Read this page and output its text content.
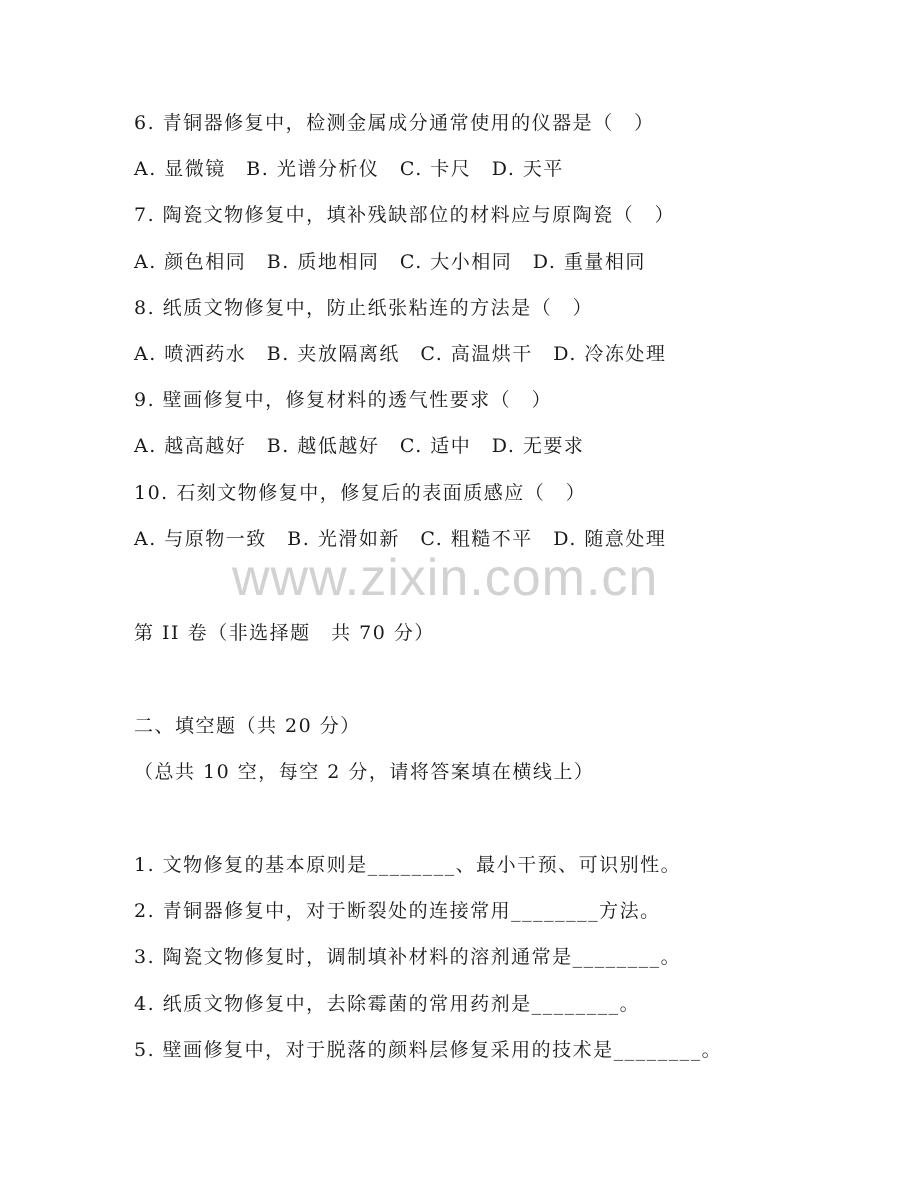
6. 青铜器修复中，检测金属成分通常使用的仪器是（　）
A. 显微镜　B. 光谱分析仪　C. 卡尺　D. 天平
7. 陶瓷文物修复中，填补残缺部位的材料应与原陶瓷（　）
A. 颜色相同　B. 质地相同　C. 大小相同　D. 重量相同
8. 纸质文物修复中，防止纸张粘连的方法是（　）
A. 喷洒药水　B. 夹放隔离纸　C. 高温烘干　D. 冷冻处理
9. 壁画修复中，修复材料的透气性要求（　）
A. 越高越好　B. 越低越好　C. 适中　D. 无要求
10. 石刻文物修复中，修复后的表面质感应（　）
A. 与原物一致　B. 光滑如新　C. 粗糙不平　D. 随意处理
www.zixin.com.cn
第 II 卷（非选择题　共 70 分）
二、填空题（共 20 分）
（总共 10 空，每空 2 分，请将答案填在横线上）
1. 文物修复的基本原则是________、最小干预、可识别性。
2. 青铜器修复中，对于断裂处的连接常用________方法。
3. 陶瓷文物修复时，调制填补材料的溶剂通常是________。
4. 纸质文物修复中，去除霉菌的常用药剂是________。
5. 壁画修复中，对于脱落的颜料层修复采用的技术是________。
